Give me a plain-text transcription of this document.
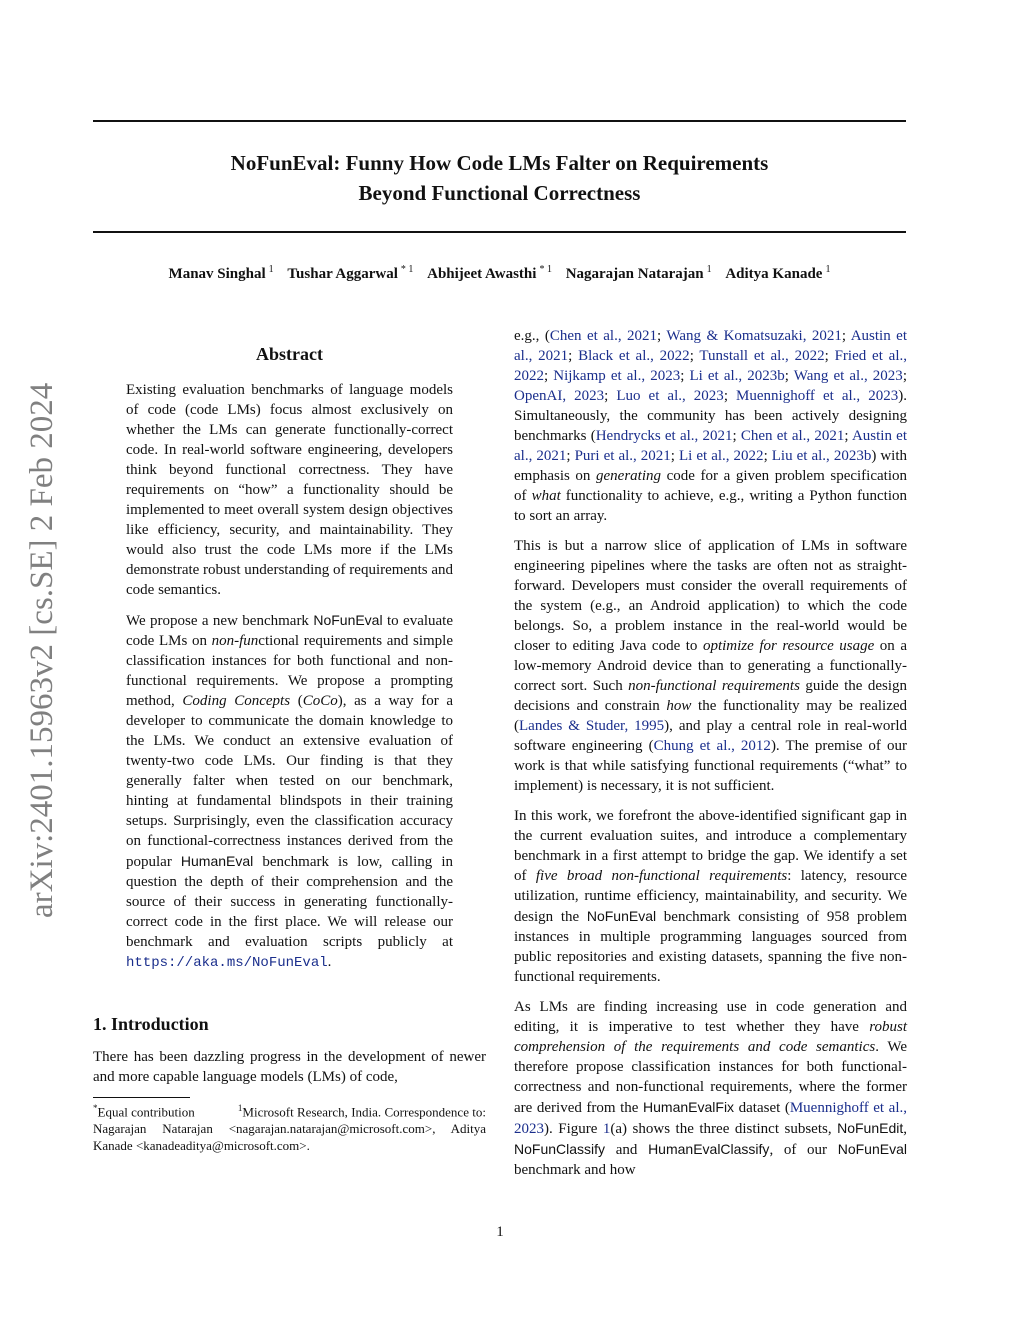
NoFunEval: Funny How Code LMs Falter on Requirements
Beyond Functional Correctness
Manav Singhal $^1$ Tushar Aggarwal $^{* 1}$ Abhijeet Awasthi $^{* 1}$ Nagarajan Natarajan $^1$ Aditya Kanade $^1$
arXiv:2401.15963v2 [cs.SE] 2 Feb 2024
Abstract

Existing evaluation benchmarks of language models of code (code LMs) focus almost exclusively on whether the LMs can generate functionally-correct code. In real-world software engineering, developers think beyond functional correctness. They have requirements on “how” a functionality should be implemented to meet overall system design objectives like efficiency, security, and maintainability. They would also trust the code LMs more if the LMs demonstrate robust understanding of requirements and code semantics.

We propose a new benchmark NoFunEval to evaluate code LMs on non-functional requirements and simple classification instances for both functional and non-functional requirements. We propose a prompting method, Coding Concepts (CoCo), as a way for a developer to communicate the domain knowledge to the LMs. We conduct an extensive evaluation of twenty-two code LMs. Our finding is that they generally falter when tested on our benchmark, hinting at fundamental blindspots in their training setups. Surprisingly, even the classification accuracy on functional-correctness instances derived from the popular HumanEval benchmark is low, calling in question the depth of their comprehension and the source of their success in generating functionally-correct code in the first place. We will release our benchmark and evaluation scripts publicly at https://aka.ms/NoFunEval.

1. Introduction

There has been dazzling progress in the development of newer and more capable language models (LMs) of code,

*Equal contribution	$^1$Microsoft Research, India. Correspondence to: Nagarajan Natarajan <nagarajan.natarajan@microsoft.com>, Aditya Kanade <kanadeaditya@microsoft.com>.

e.g., (Chen et al., 2021; Wang & Komatsuzaki, 2021; Austin et al., 2021; Black et al., 2022; Tunstall et al., 2022; Fried et al., 2022; Nijkamp et al., 2023; Li et al., 2023b; Wang et al., 2023; OpenAI, 2023; Luo et al., 2023; Muennighoff et al., 2023). Simultaneously, the community has been actively designing benchmarks (Hendrycks et al., 2021; Chen et al., 2021; Austin et al., 2021; Puri et al., 2021; Li et al., 2022; Liu et al., 2023b) with emphasis on generating code for a given problem specification of what functionality to achieve, e.g., writing a Python function to sort an array.

This is but a narrow slice of application of LMs in software engineering pipelines where the tasks are often not as straight-forward. Developers must consider the overall requirements of the system (e.g., an Android application) to which the code belongs. So, a problem instance in the real-world would be closer to editing Java code to optimize for resource usage on a low-memory Android device than to generating a functionally-correct sort. Such non-functional requirements guide the design decisions and constrain how the functionality may be realized (Landes & Studer, 1995), and play a central role in real-world software engineering (Chung et al., 2012). The premise of our work is that while satisfying functional requirements (“what” to implement) is necessary, it is not sufficient.

In this work, we forefront the above-identified significant gap in the current evaluation suites, and introduce a complementary benchmark in a first attempt to bridge the gap. We identify a set of five broad non-functional requirements: latency, resource utilization, runtime efficiency, maintainability, and security. We design the NoFunEval benchmark consisting of 958 problem instances in multiple programming languages sourced from public repositories and existing datasets, spanning the five non-functional requirements.

As LMs are finding increasing use in code generation and editing, it is imperative to test whether they have robust comprehension of the requirements and code semantics. We therefore propose classification instances for both functional-correctness and non-functional requirements, where the former are derived from the HumanEvalFix dataset (Muennighoff et al., 2023). Figure 1(a) shows the three distinct subsets, NoFunEdit, NoFunClassify and HumanEvalClassify, of our NoFunEval benchmark and how

1
